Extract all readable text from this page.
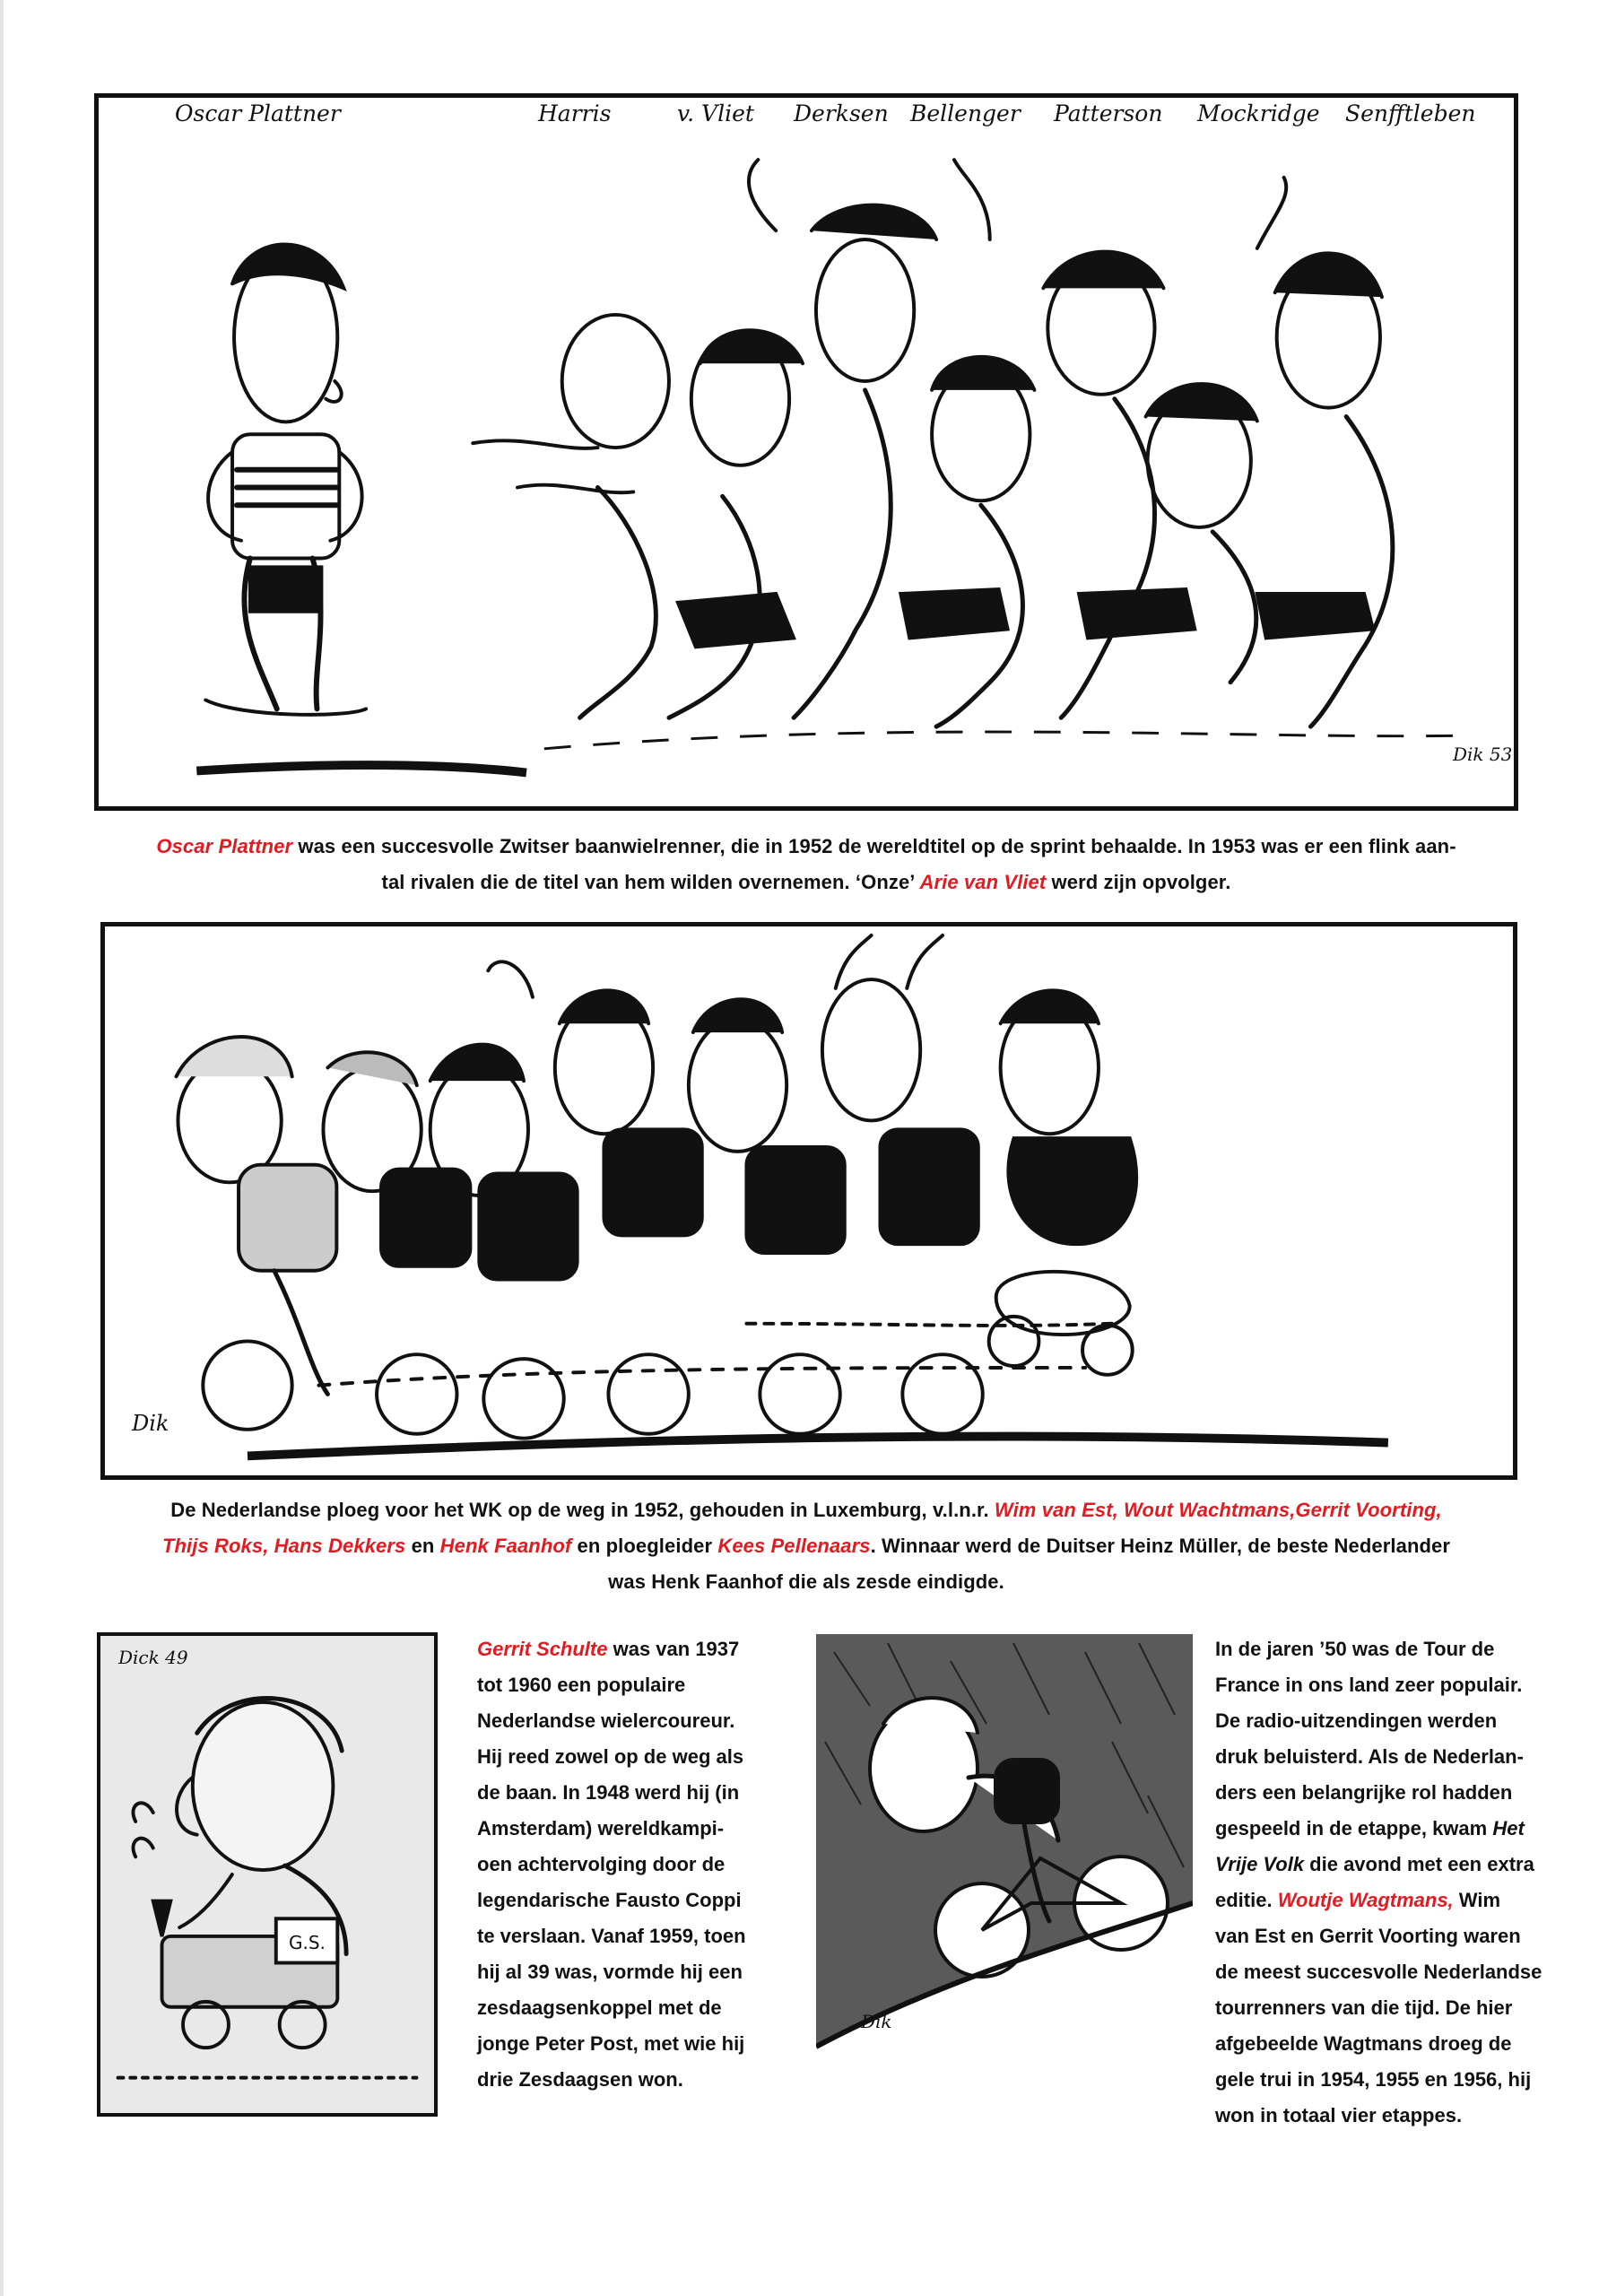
Oscar Plattner	Harris	v. Vliet Derksen Bellenger Patterson Mockridge Senfftleben
Dik 53
Oscar Plattner was een succesvolle Zwitser baanwielrenner, die in 1952 de wereldtitel op de sprint behaalde. In 1953 was er een flink aan-
tal rivalen die de titel van hem wilden overnemen. ‘Onze’ Arie van Vliet werd zijn opvolger.
Dik
De Nederlandse ploeg voor het WK op de weg in 1952, gehouden in Luxemburg, v.l.n.r. Wim van Est, Wout Wachtmans,Gerrit Voorting,
Thijs Roks, Hans Dekkers en Henk Faanhof en ploegleider Kees Pellenaars. Winnaar werd de Duitser Heinz Müller, de beste Nederlander
was Henk Faanhof die als zesde eindigde.
Dick 49
G.S.
Gerrit Schulte was van 1937
tot 1960 een populaire
Nederlandse wielercoureur.
Hij reed zowel op de weg als
de baan. In 1948 werd hij (in
Amsterdam) wereldkampi-
oen achtervolging door de
legendarische Fausto Coppi
te verslaan. Vanaf 1959, toen
hij al 39 was, vormde hij een
zesdaagsenkoppel met de
jonge Peter Post, met wie hij
drie Zesdaagsen won.
Dik
In de jaren ’50 was de Tour de
France in ons land zeer populair.
De radio-uitzendingen werden
druk beluisterd. Als de Nederlan-
ders een belangrijke rol hadden
gespeeld in de etappe, kwam Het
Vrije Volk die avond met een extra
editie. Woutje Wagtmans, Wim
van Est en Gerrit Voorting waren
de meest succesvolle Nederlandse
tourrenners van die tijd. De hier
afgebeelde Wagtmans droeg de
gele trui in 1954, 1955 en 1956, hij
won in totaal vier etappes.
